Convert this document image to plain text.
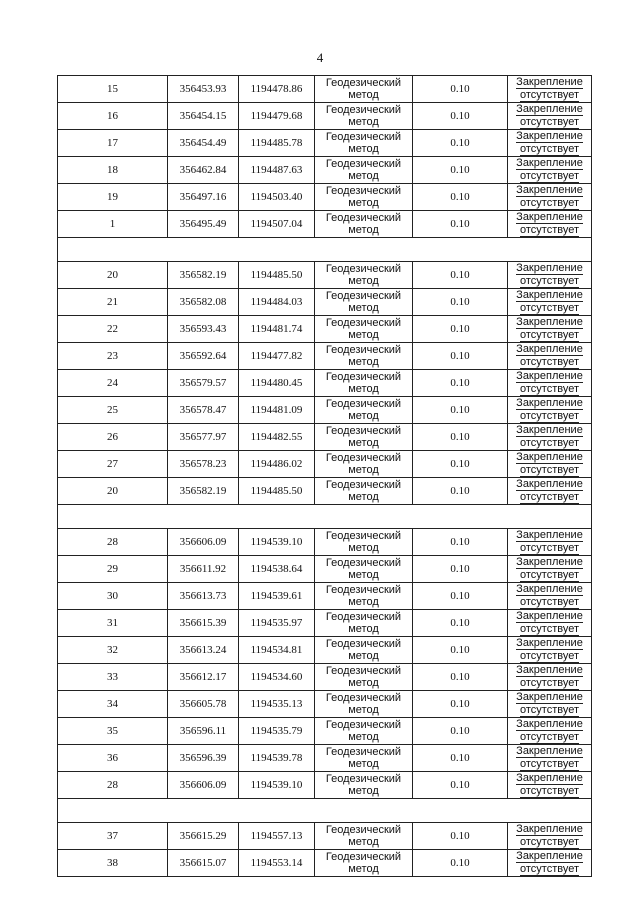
4
15	356453.93	1194478.86	Геодезический
метод	0.10	Закрепление
отсутствует

16	356454.15	1194479.68	Геодезический
метод	0.10	Закрепление
отсутствует

17	356454.49	1194485.78	Геодезический
метод	0.10	Закрепление
отсутствует

18	356462.84	1194487.63	Геодезический
метод	0.10	Закрепление
отсутствует

19	356497.16	1194503.40	Геодезический
метод	0.10	Закрепление
отсутствует

1	356495.49	1194507.04	Геодезический
метод	0.10	Закрепление
отсутствует

20	356582.19	1194485.50	Геодезический
метод	0.10	Закрепление
отсутствует

21	356582.08	1194484.03	Геодезический
метод	0.10	Закрепление
отсутствует

22	356593.43	1194481.74	Геодезический
метод	0.10	Закрепление
отсутствует

23	356592.64	1194477.82	Геодезический
метод	0.10	Закрепление
отсутствует

24	356579.57	1194480.45	Геодезический
метод	0.10	Закрепление
отсутствует

25	356578.47	1194481.09	Геодезический
метод	0.10	Закрепление
отсутствует

26	356577.97	1194482.55	Геодезический
метод	0.10	Закрепление
отсутствует

27	356578.23	1194486.02	Геодезический
метод	0.10	Закрепление
отсутствует

20	356582.19	1194485.50	Геодезический
метод	0.10	Закрепление
отсутствует

28	356606.09	1194539.10	Геодезический
метод	0.10	Закрепление
отсутствует

29	356611.92	1194538.64	Геодезический
метод	0.10	Закрепление
отсутствует

30	356613.73	1194539.61	Геодезический
метод	0.10	Закрепление
отсутствует

31	356615.39	1194535.97	Геодезический
метод	0.10	Закрепление
отсутствует

32	356613.24	1194534.81	Геодезический
метод	0.10	Закрепление
отсутствует

33	356612.17	1194534.60	Геодезический
метод	0.10	Закрепление
отсутствует

34	356605.78	1194535.13	Геодезический
метод	0.10	Закрепление
отсутствует

35	356596.11	1194535.79	Геодезический
метод	0.10	Закрепление
отсутствует

36	356596.39	1194539.78	Геодезический
метод	0.10	Закрепление
отсутствует

28	356606.09	1194539.10	Геодезический
метод	0.10	Закрепление
отсутствует

37	356615.29	1194557.13	Геодезический
метод	0.10	Закрепление
отсутствует

38	356615.07	1194553.14	Геодезический
метод	0.10	Закрепление
отсутствует
